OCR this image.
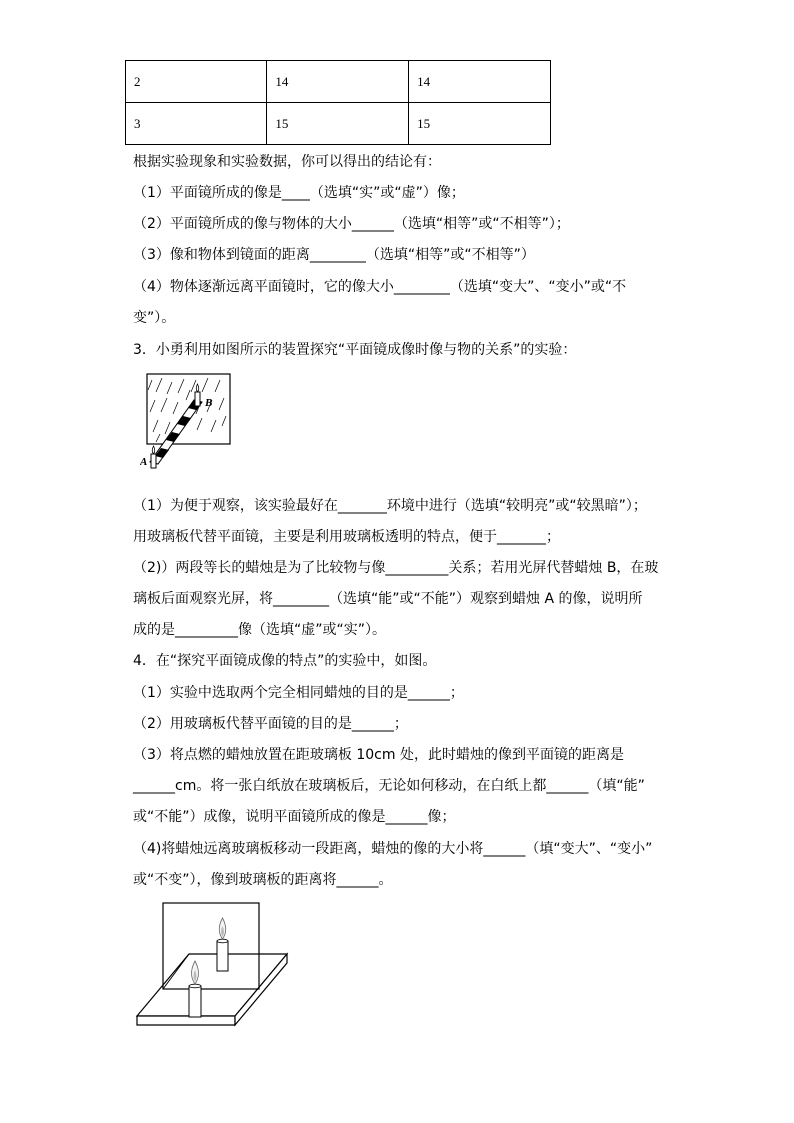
2	14	14
3	15	15
根据实验现象和实验数据，你可以得出的结论有：
（1）平面镜所成的像是____（选填“实”或“虚”）像；
（2）平面镜所成的像与物体的大小______（选填“相等”或“不相等”）；
（3）像和物体到镜面的距离________（选填“相等”或“不相等”）
（4）物体逐渐远离平面镜时，它的像大小________（选填“变大”、“变小”或“不
变”）。
3．小勇利用如图所示的装置探究“平面镜成像时像与物的关系”的实验：
B
A
（1）为便于观察，该实验最好在_______环境中进行（选填“较明亮”或“较黑暗”）；
用玻璃板代替平面镜，主要是利用玻璃板透明的特点，便于_______；
（2)）两段等长的蜡烛是为了比较物与像_________关系；若用光屏代替蜡烛 B，在玻
璃板后面观察光屏，将________（选填“能”或“不能”）观察到蜡烛 A 的像，说明所
成的是_________像（选填“虚”或“实”）。
4．在“探究平面镜成像的特点”的实验中，如图。
（1）实验中选取两个完全相同蜡烛的目的是______；
（2）用玻璃板代替平面镜的目的是______；
（3）将点燃的蜡烛放置在距玻璃板 10cm 处，此时蜡烛的像到平面镜的距离是
______cm。将一张白纸放在玻璃板后，无论如何移动，在白纸上都______（填“能”
或“不能”）成像，说明平面镜所成的像是______像；
（4)将蜡烛远离玻璃板移动一段距离，蜡烛的像的大小将______（填“变大”、“变小”
或“不变”），像到玻璃板的距离将______。
